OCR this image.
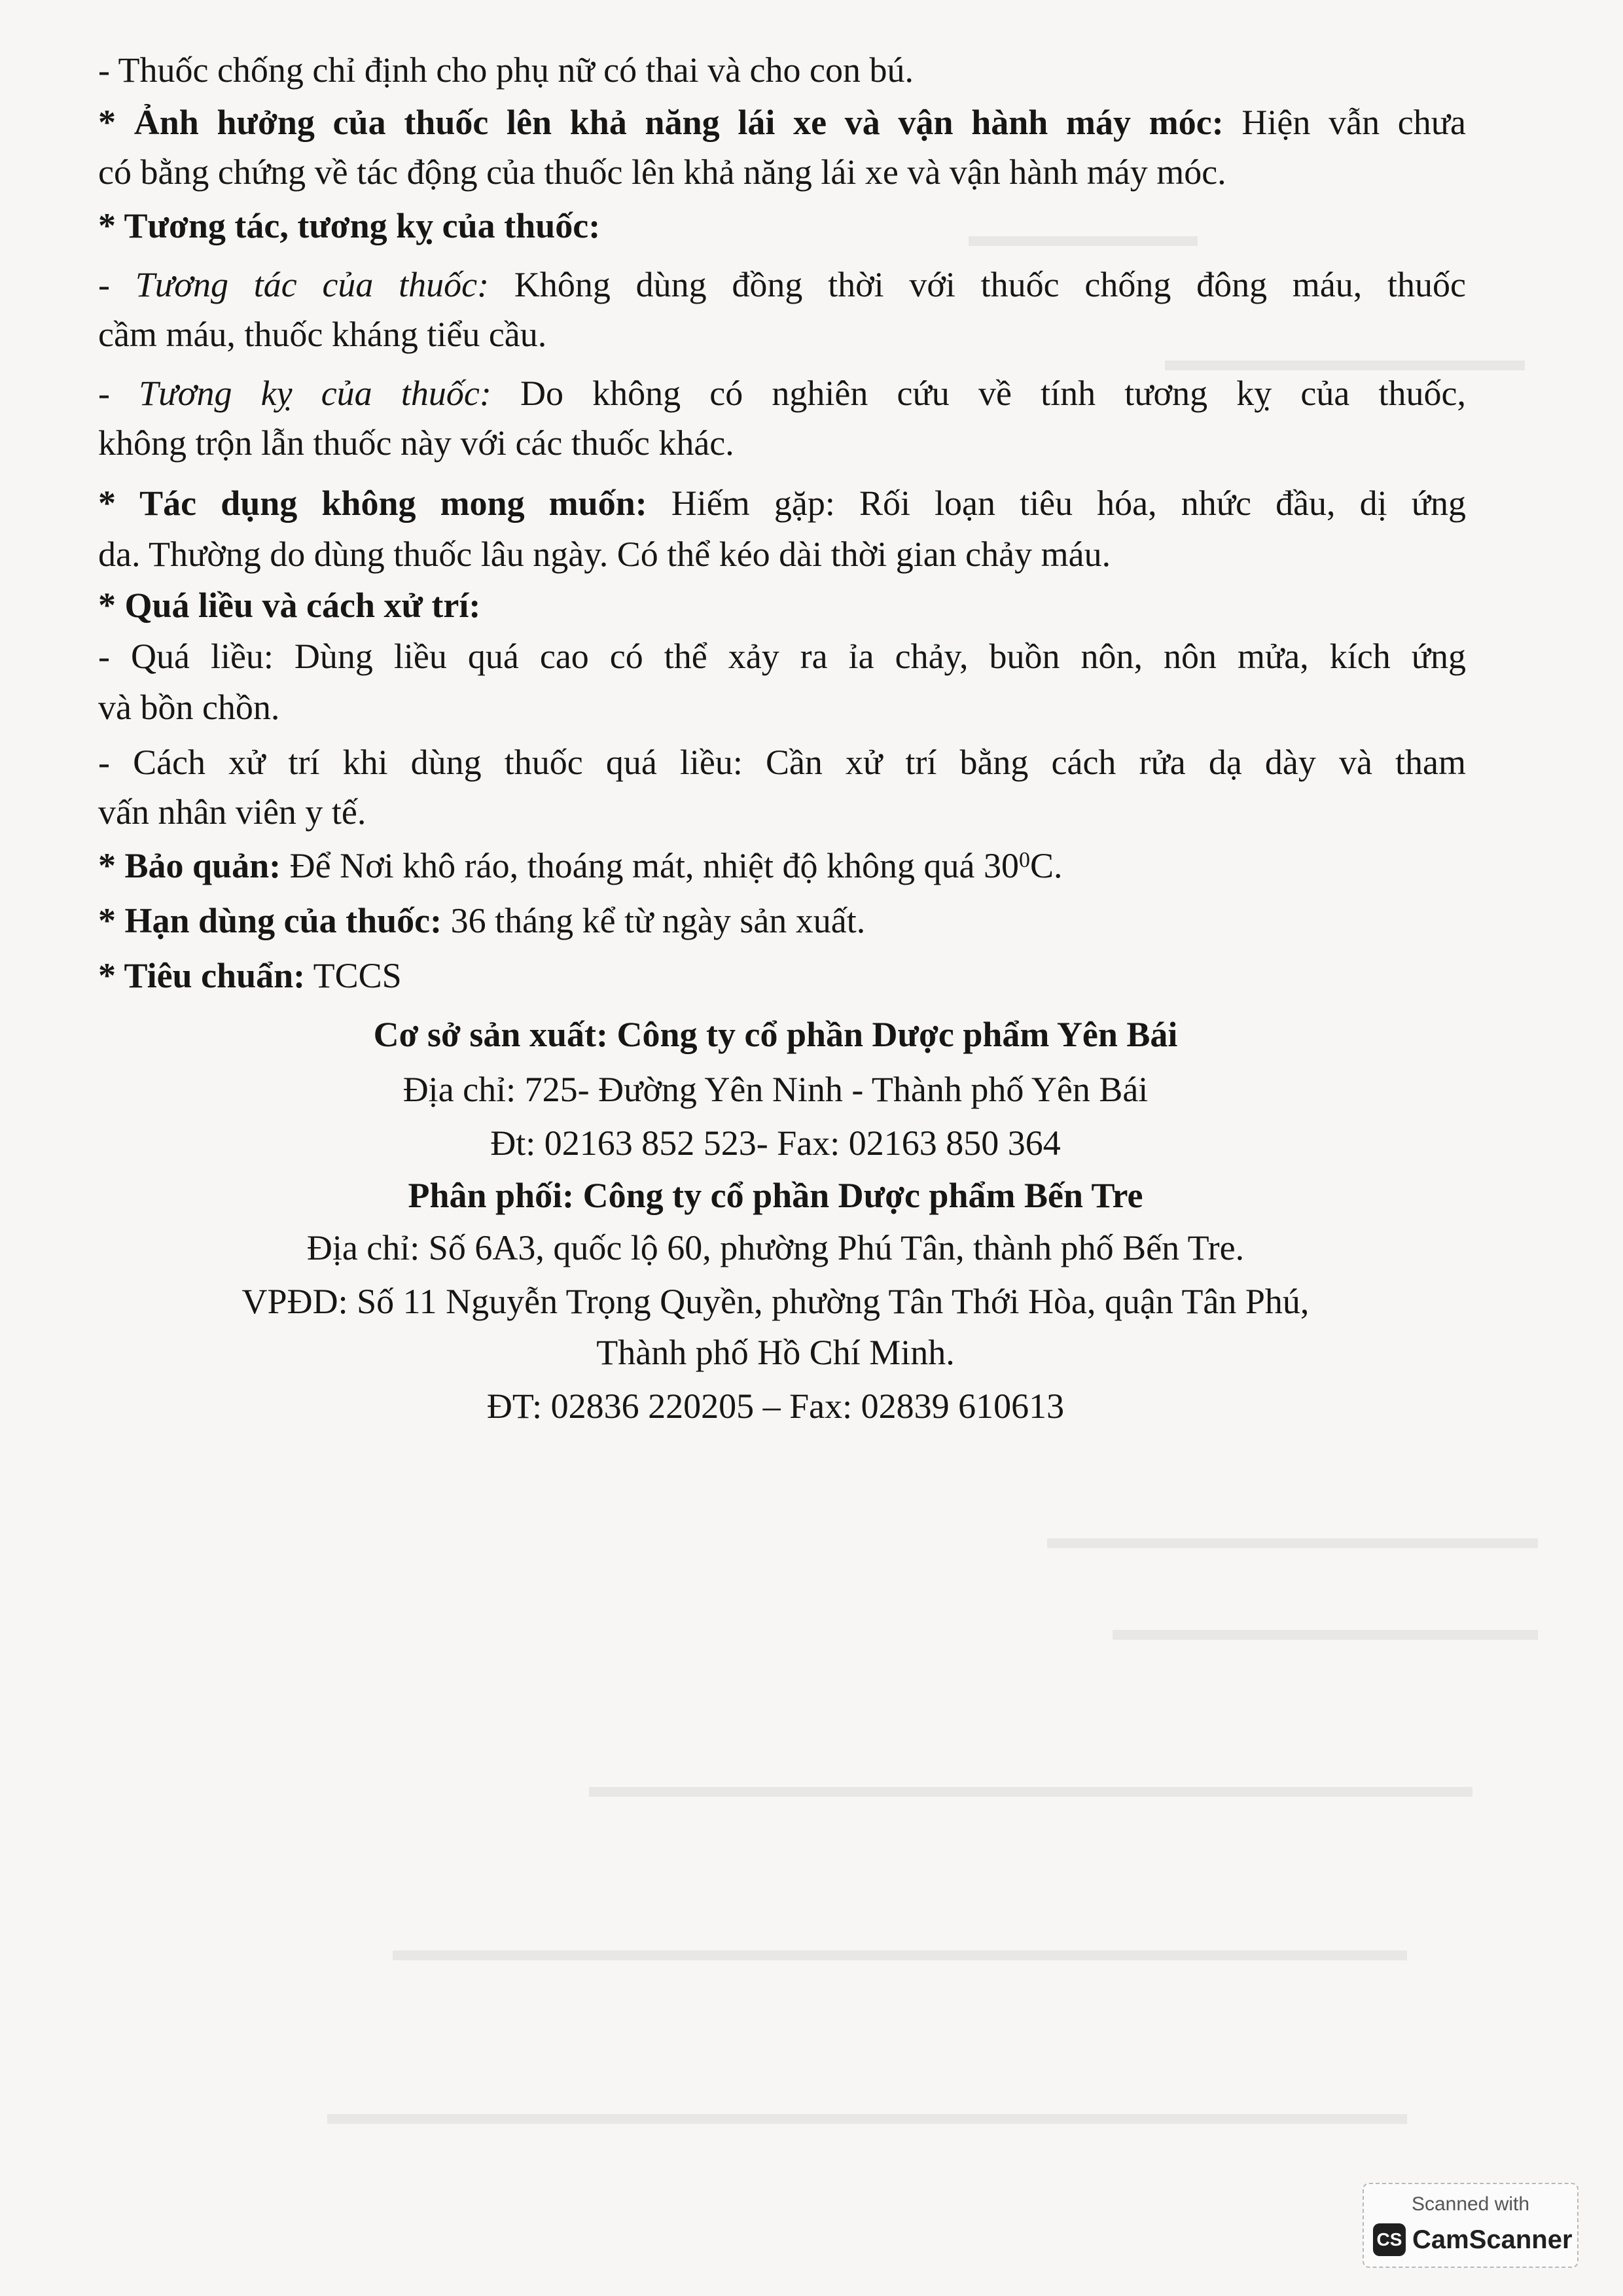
▬▬▬▬▬▬▬
▬▬▬▬▬▬▬▬▬▬▬
▬▬▬▬▬▬▬▬▬▬▬▬▬▬▬
▬▬▬▬▬▬▬▬▬▬▬▬▬
▬▬▬▬▬▬▬▬▬▬▬▬▬▬▬▬▬▬▬▬▬▬▬▬▬▬▬
▬▬▬▬▬▬▬▬▬▬▬▬▬▬▬▬▬▬▬▬▬▬▬▬▬▬▬▬▬▬▬
▬▬▬▬▬▬▬▬▬▬▬▬▬▬▬▬▬▬▬▬▬▬▬▬▬▬▬▬▬▬▬▬▬
- Thuốc chống chỉ định cho phụ nữ có thai và cho con bú.
* Ảnh hưởng của thuốc lên khả năng lái xe và vận hành máy móc: Hiện vẫn chưa
có bằng chứng về tác động của thuốc lên khả năng lái xe và vận hành máy móc.
* Tương tác, tương kỵ của thuốc:
- Tương tác của thuốc: Không dùng đồng thời với thuốc chống đông máu, thuốc
cầm máu, thuốc kháng tiểu cầu.
- Tương kỵ của thuốc: Do không có nghiên cứu về tính tương kỵ của thuốc,
không trộn lẫn thuốc này với các thuốc khác.
* Tác dụng không mong muốn: Hiếm gặp: Rối loạn tiêu hóa, nhức đầu, dị ứng
da. Thường do dùng thuốc lâu ngày. Có thể kéo dài thời gian chảy máu.
* Quá liều và cách xử trí:
- Quá liều: Dùng liều quá cao có thể xảy ra ỉa chảy, buồn nôn, nôn mửa, kích ứng
và bồn chồn.
- Cách xử trí khi dùng thuốc quá liều: Cần xử trí bằng cách rửa dạ dày và tham
vấn nhân viên y tế.
* Bảo quản: Để Nơi khô ráo, thoáng mát, nhiệt độ không quá $30^0C$.
* Hạn dùng của thuốc: 36 tháng kể từ ngày sản xuất.
* Tiêu chuẩn: TCCS
Cơ sở sản xuất: Công ty cổ phần Dược phẩm Yên Bái
Địa chỉ: 725- Đường Yên Ninh - Thành phố Yên Bái
Đt: 02163 852 523- Fax: 02163 850 364
Phân phối: Công ty cổ phần Dược phẩm Bến Tre
Địa chỉ: Số 6A3, quốc lộ 60, phường Phú Tân, thành phố Bến Tre.
VPĐD: Số 11 Nguyễn Trọng Quyền, phường Tân Thới Hòa, quận Tân Phú,
Thành phố Hồ Chí Minh.
ĐT: 02836 220205 – Fax: 02839 610613
Scanned with
CS CamScanner
